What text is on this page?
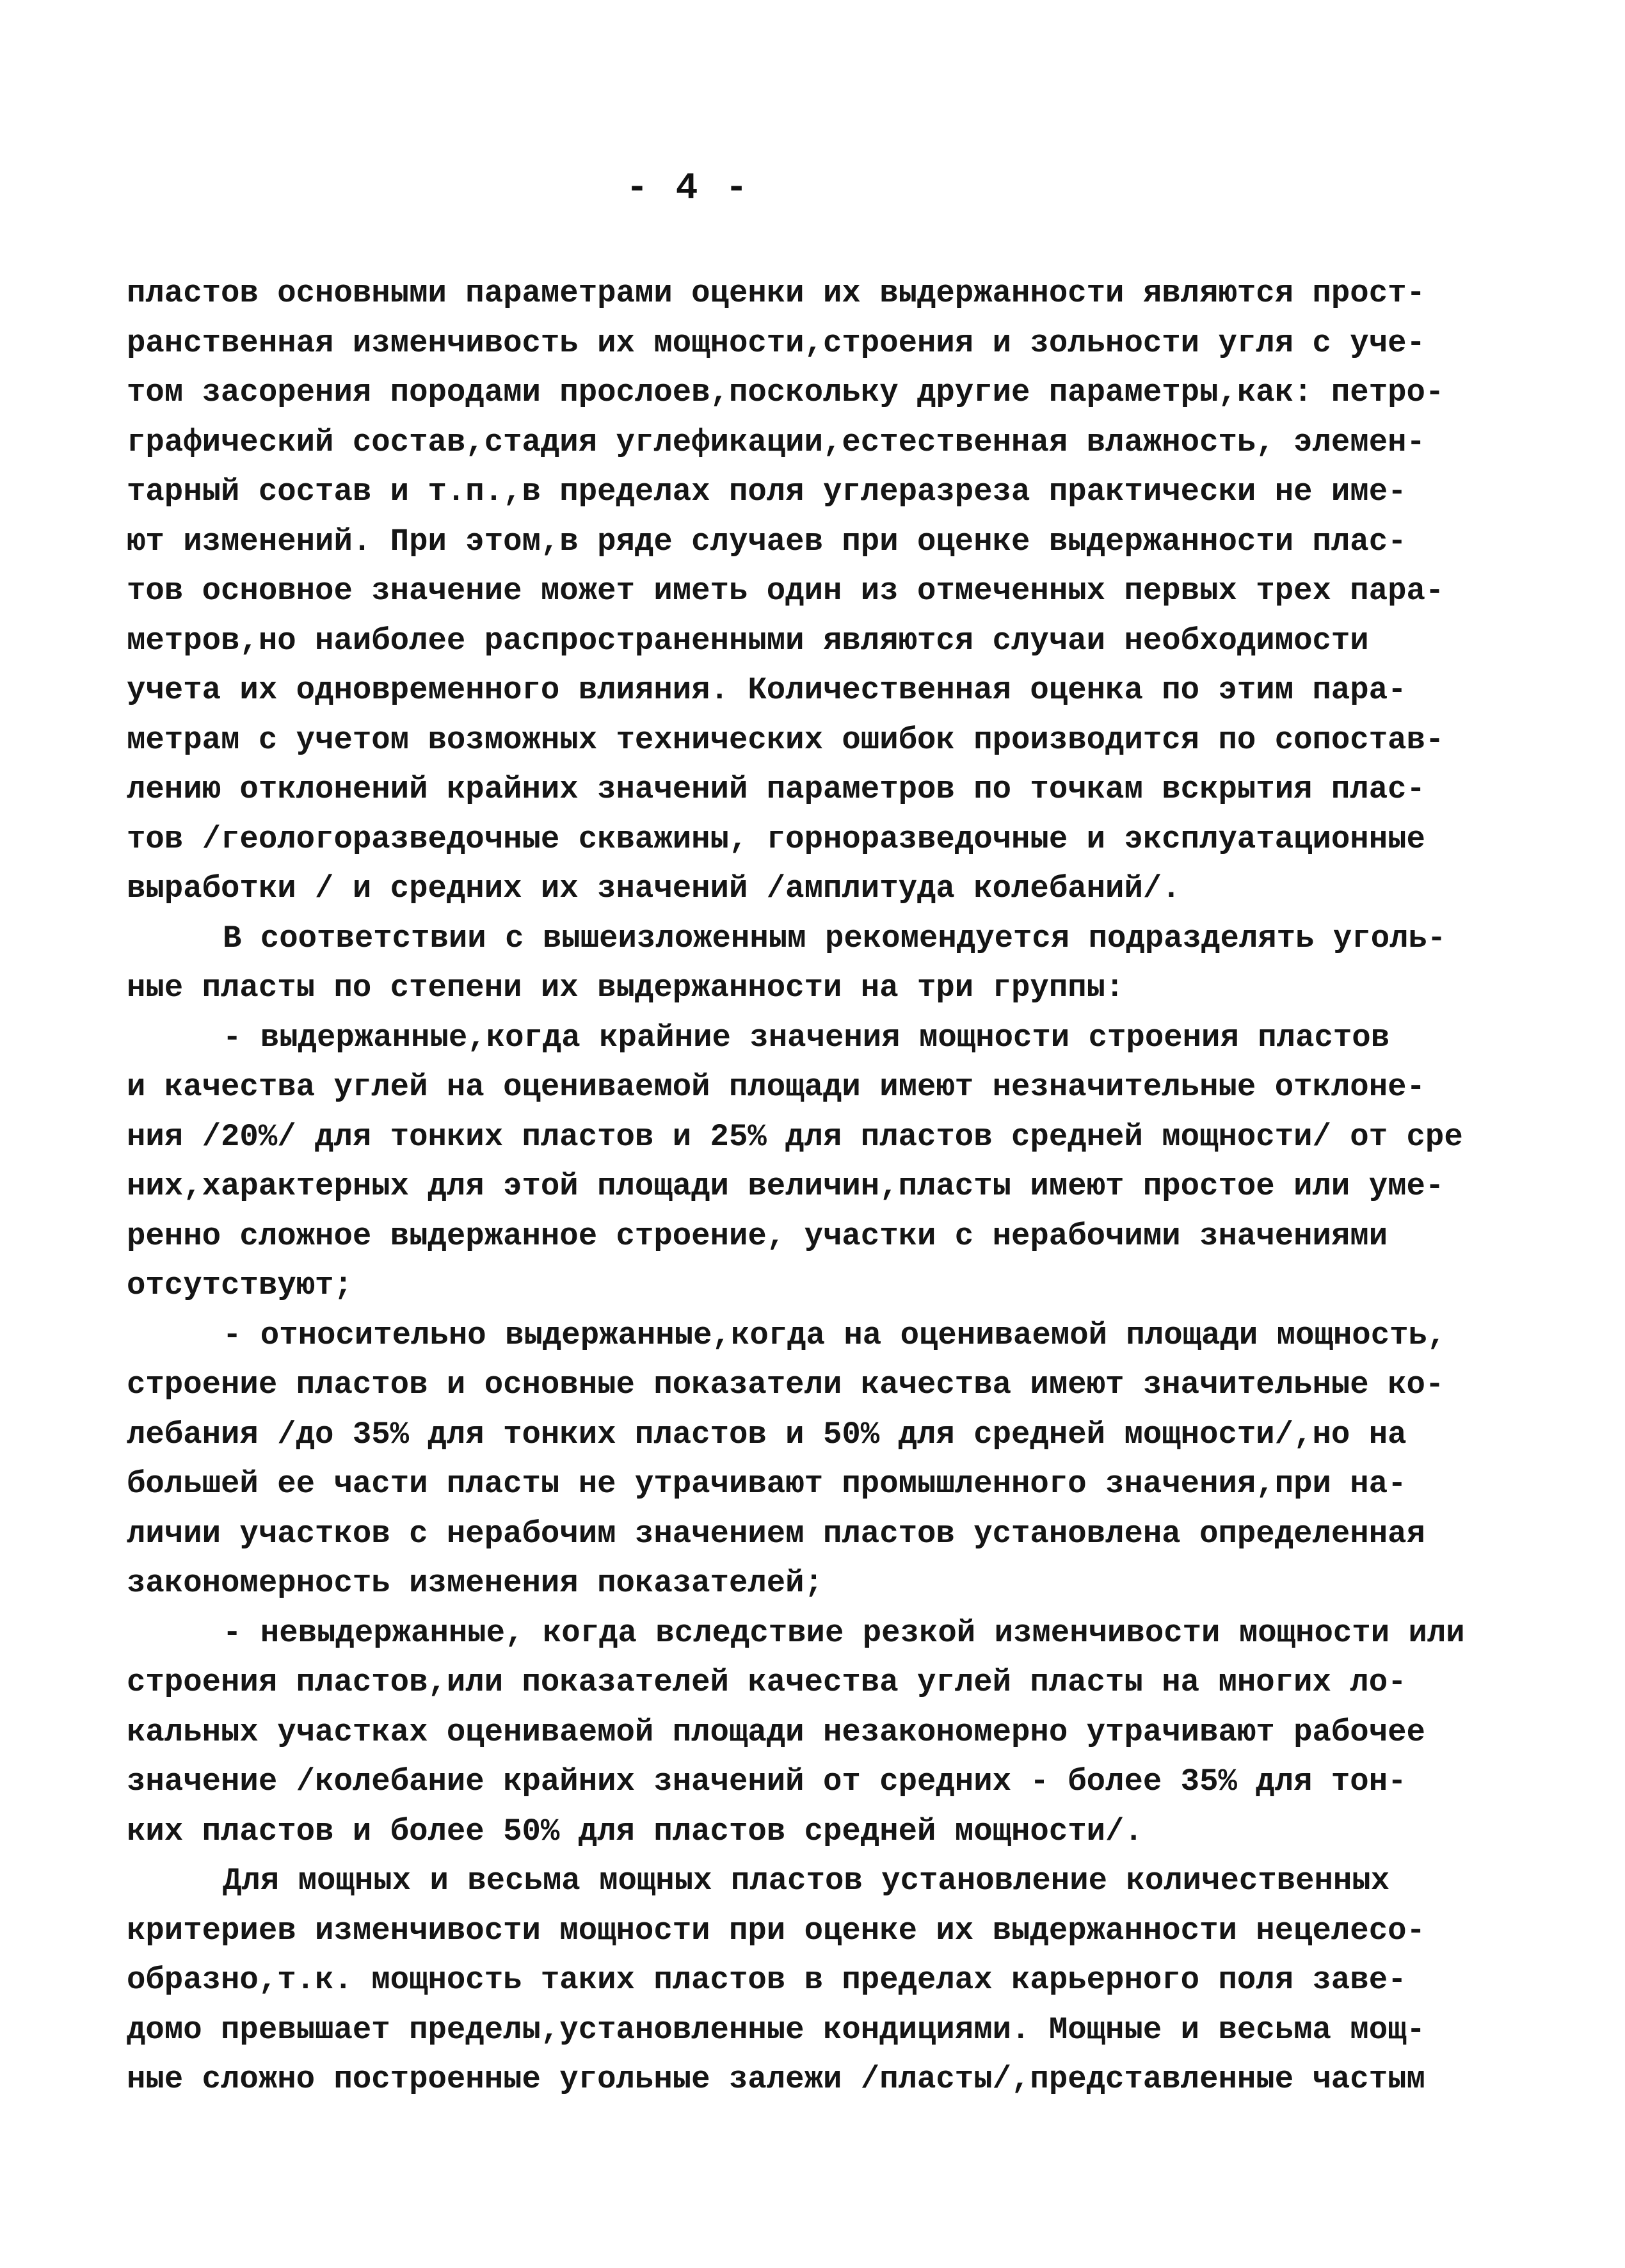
- 4 -
пластов основными параметрами оценки их выдержанности являются прост-
ранственная изменчивость их мощности,строения и зольности угля с уче-
том засорения породами прослоев,поскольку другие параметры,как: петро-
графический состав,стадия углефикации,естественная влажность, элемен-
тарный состав и т.п.,в пределах поля углеразреза практически не име-
ют изменений. При этом,в ряде случаев при оценке выдержанности плас-
тов основное значение может иметь один из отмеченных первых трех пара-
метров,но наиболее распространенными являются случаи необходимости
учета их одновременного влияния. Количественная оценка по этим пара-
метрам с учетом возможных технических ошибок производится по сопостав-
лению отклонений крайних значений параметров по точкам вскрытия плас-
тов /геологоразведочные скважины, горноразведочные и эксплуатационные
выработки / и средних их значений /амплитуда колебаний/.
В соответствии с вышеизложенным рекомендуется подразделять уголь-
ные пласты по степени их выдержанности на три группы:
- выдержанные,когда крайние значения мощности строения пластов
и качества углей на оцениваемой площади имеют незначительные отклоне-
ния /20%/ для тонких пластов и 25% для пластов средней мощности/ от сре
них,характерных для этой площади величин,пласты имеют простое или уме-
ренно сложное выдержанное строение, участки с нерабочими значениями
отсутствуют;
- относительно выдержанные,когда на оцениваемой площади мощность,
строение пластов и основные показатели качества имеют значительные ко-
лебания /до 35% для тонких пластов и 50% для средней мощности/,но на
большей ее части пласты не утрачивают промышленного значения,при на-
личии участков с нерабочим значением пластов установлена определенная
закономерность изменения показателей;
- невыдержанные, когда вследствие резкой изменчивости мощности или
строения пластов,или показателей качества углей пласты на многих ло-
кальных участках оцениваемой площади незакономерно утрачивают рабочее
значение /колебание крайних значений от средних - более 35% для тон-
ких пластов и более 50% для пластов средней мощности/.
Для мощных и весьма мощных пластов установление количественных
критериев изменчивости мощности при оценке их выдержанности нецелесо-
образно,т.к. мощность таких пластов в пределах карьерного поля заве-
домо превышает пределы,установленные кондициями. Мощные и весьма мощ-
ные сложно построенные угольные залежи /пласты/,представленные частым
